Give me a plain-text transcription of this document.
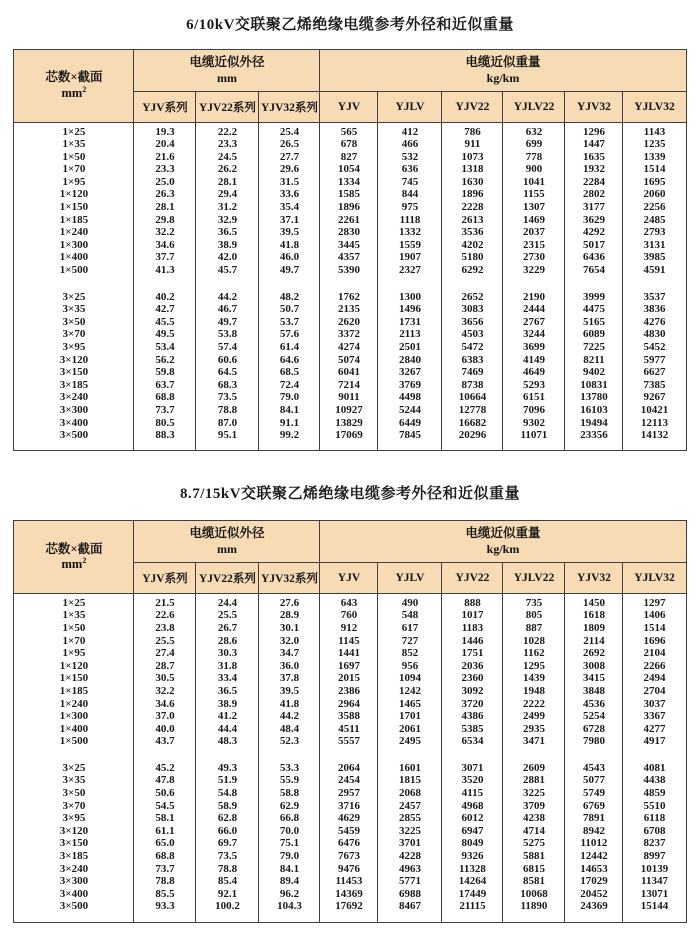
6/10kV交联聚乙烯绝缘电缆参考外径和近似重量
芯数×截面
$mm^2$

电缆近似外径
mm

电缆近似重量
kg/km

	YJV系列	YJV22系列	YJV32系列	YJV	YJLV	YJV22	YJLV22	YJV32	YJLV32

1×25	19.3	22.2	25.4	565	412	786	632	1296	1143
1×35	20.4	23.3	26.5	678	466	911	699	1447	1235
1×50	21.6	24.5	27.7	827	532	1073	778	1635	1339
1×70	23.3	26.2	29.6	1054	636	1318	900	1932	1514
1×95	25.0	28.1	31.5	1334	745	1630	1041	2284	1695
1×120	26.3	29.4	33.6	1585	844	1896	1155	2802	2060
1×150	28.1	31.2	35.4	1896	975	2228	1307	3177	2256
1×185	29.8	32.9	37.1	2261	1118	2613	1469	3629	2485
1×240	32.2	36.5	39.5	2830	1332	3536	2037	4292	2793
1×300	34.6	38.9	41.8	3445	1559	4202	2315	5017	3131
1×400	37.7	42.0	46.0	4357	1907	5180	2730	6436	3985
1×500	41.3	45.7	49.7	5390	2327	6292	3229	7654	4591

3×25	40.2	44.2	48.2	1762	1300	2652	2190	3999	3537
3×35	42.7	46.7	50.7	2135	1496	3083	2444	4475	3836
3×50	45.5	49.7	53.7	2620	1731	3656	2767	5165	4276
3×70	49.5	53.8	57.6	3372	2113	4503	3244	6089	4830
3×95	53.4	57.4	61.4	4274	2501	5472	3699	7225	5452
3×120	56.2	60.6	64.6	5074	2840	6383	4149	8211	5977
3×150	59.8	64.5	68.5	6041	3267	7469	4649	9402	6627
3×185	63.7	68.3	72.4	7214	3769	8738	5293	10831	7385
3×240	68.8	73.5	79.0	9011	4498	10664	6151	13780	9267
3×300	73.7	78.8	84.1	10927	5244	12778	7096	16103	10421
3×400	80.5	87.0	91.1	13829	6449	16682	9302	19494	12113
3×500	88.3	95.1	99.2	17069	7845	20296	11071	23356	14132

8.7/15kV交联聚乙烯绝缘电缆参考外径和近似重量
芯数×截面
$mm^2$

电缆近似外径
mm

电缆近似重量
kg/km

	YJV系列	YJV22系列	YJV32系列	YJV	YJLV	YJV22	YJLV22	YJV32	YJLV32

1×25	21.5	24.4	27.6	643	490	888	735	1450	1297
1×35	22.6	25.5	28.9	760	548	1017	805	1618	1406
1×50	23.8	26.7	30.1	912	617	1183	887	1809	1514
1×70	25.5	28.6	32.0	1145	727	1446	1028	2114	1696
1×95	27.4	30.3	34.7	1441	852	1751	1162	2692	2104
1×120	28.7	31.8	36.0	1697	956	2036	1295	3008	2266
1×150	30.5	33.4	37.8	2015	1094	2360	1439	3415	2494
1×185	32.2	36.5	39.5	2386	1242	3092	1948	3848	2704
1×240	34.6	38.9	41.8	2964	1465	3720	2222	4536	3037
1×300	37.0	41.2	44.2	3588	1701	4386	2499	5254	3367
1×400	40.0	44.4	48.4	4511	2061	5385	2935	6728	4277
1×500	43.7	48.3	52.3	5557	2495	6534	3471	7980	4917

3×25	45.2	49.3	53.3	2064	1601	3071	2609	4543	4081
3×35	47.8	51.9	55.9	2454	1815	3520	2881	5077	4438
3×50	50.6	54.8	58.8	2957	2068	4115	3225	5749	4859
3×70	54.5	58.9	62.9	3716	2457	4968	3709	6769	5510
3×95	58.1	62.8	66.8	4629	2855	6012	4238	7891	6118
3×120	61.1	66.0	70.0	5459	3225	6947	4714	8942	6708
3×150	65.0	69.7	75.1	6476	3701	8049	5275	11012	8237
3×185	68.8	73.5	79.0	7673	4228	9326	5881	12442	8997
3×240	73.7	78.8	84.1	9476	4963	11328	6815	14653	10139
3×300	78.8	85.4	89.4	11453	5771	14264	8581	17029	11347
3×400	85.5	92.1	96.2	14369	6988	17449	10068	20452	13071
3×500	93.3	100.2	104.3	17692	8467	21115	11890	24369	15144
